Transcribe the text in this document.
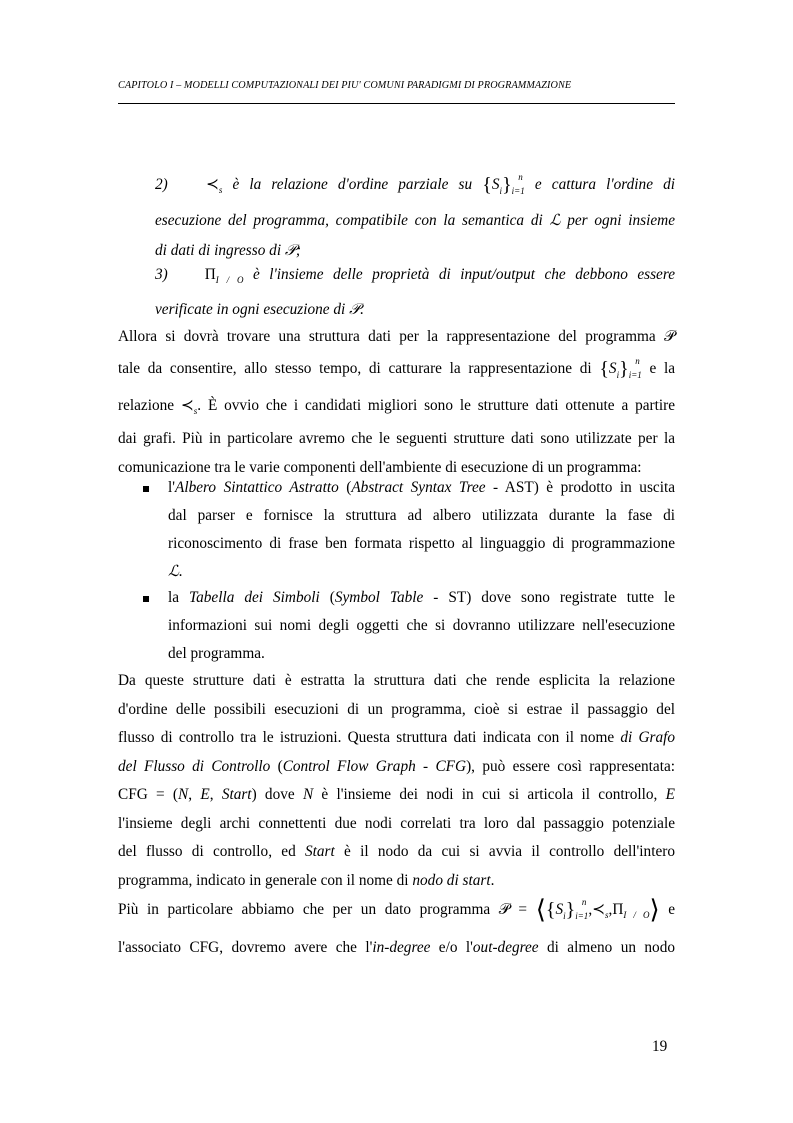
CAPITOLO I – MODELLI COMPUTAZIONALI DEI PIU' COMUNI PARADIGMI DI PROGRAMMAZIONE
2)	$≺_s$ è la relazione d'ordine parziale su $\{S_i\}_{i=1}$
n e cattura l'ordine di
esecuzione del programma, compatibile con la semantica di ℒ per ogni insieme
di dati di ingresso di 𝒫;
3) $\Pi_{I / O}$ è l'insieme delle proprietà di input/output che debbono essere
verificate in ogni esecuzione di 𝒫.
Allora si dovrà trovare una struttura dati per la rappresentazione del programma 𝒫
tale da consentire, allo stesso tempo, di catturare la rappresentazione di $\{S_i\}_{i=1}$
n e la
relazione $≺_s$. È ovvio che i candidati migliori sono le strutture dati ottenute a partire
dai grafi. Più in particolare avremo che le seguenti strutture dati sono utilizzate per la
comunicazione tra le varie componenti dell'ambiente di esecuzione di un programma:
l'Albero Sintattico Astratto (Abstract Syntax Tree - AST) è prodotto in uscita
dal parser e fornisce la struttura ad albero utilizzata durante la fase di
riconoscimento di frase ben formata rispetto al linguaggio di programmazione
ℒ.
la Tabella dei Simboli (Symbol Table - ST) dove sono registrate tutte le
informazioni sui nomi degli oggetti che si dovranno utilizzare nell'esecuzione
del programma.
Da queste strutture dati è estratta la struttura dati che rende esplicita la relazione
d'ordine delle possibili esecuzioni di un programma, cioè si estrae il passaggio del
flusso di controllo tra le istruzioni. Questa struttura dati indicata con il nome di Grafo
del Flusso di Controllo (Control Flow Graph - CFG), può essere così rappresentata:
CFG = (N, E, Start) dove N è l'insieme dei nodi in cui si articola il controllo, E
l'insieme degli archi connettenti due nodi correlati tra loro dal passaggio potenziale
del flusso di controllo, ed Start è il nodo da cui si avvia il controllo dell'intero
programma, indicato in generale con il nome di nodo di start.
Più in particolare abbiamo che per un dato programma 𝒫 = $⟨\{S_i\}_{i=1}$
n $,≺_s,\Pi_{I / O}⟩$ e
l'associato CFG, dovremo avere che l'in-degree e/o l'out-degree di almeno un nodo
19
